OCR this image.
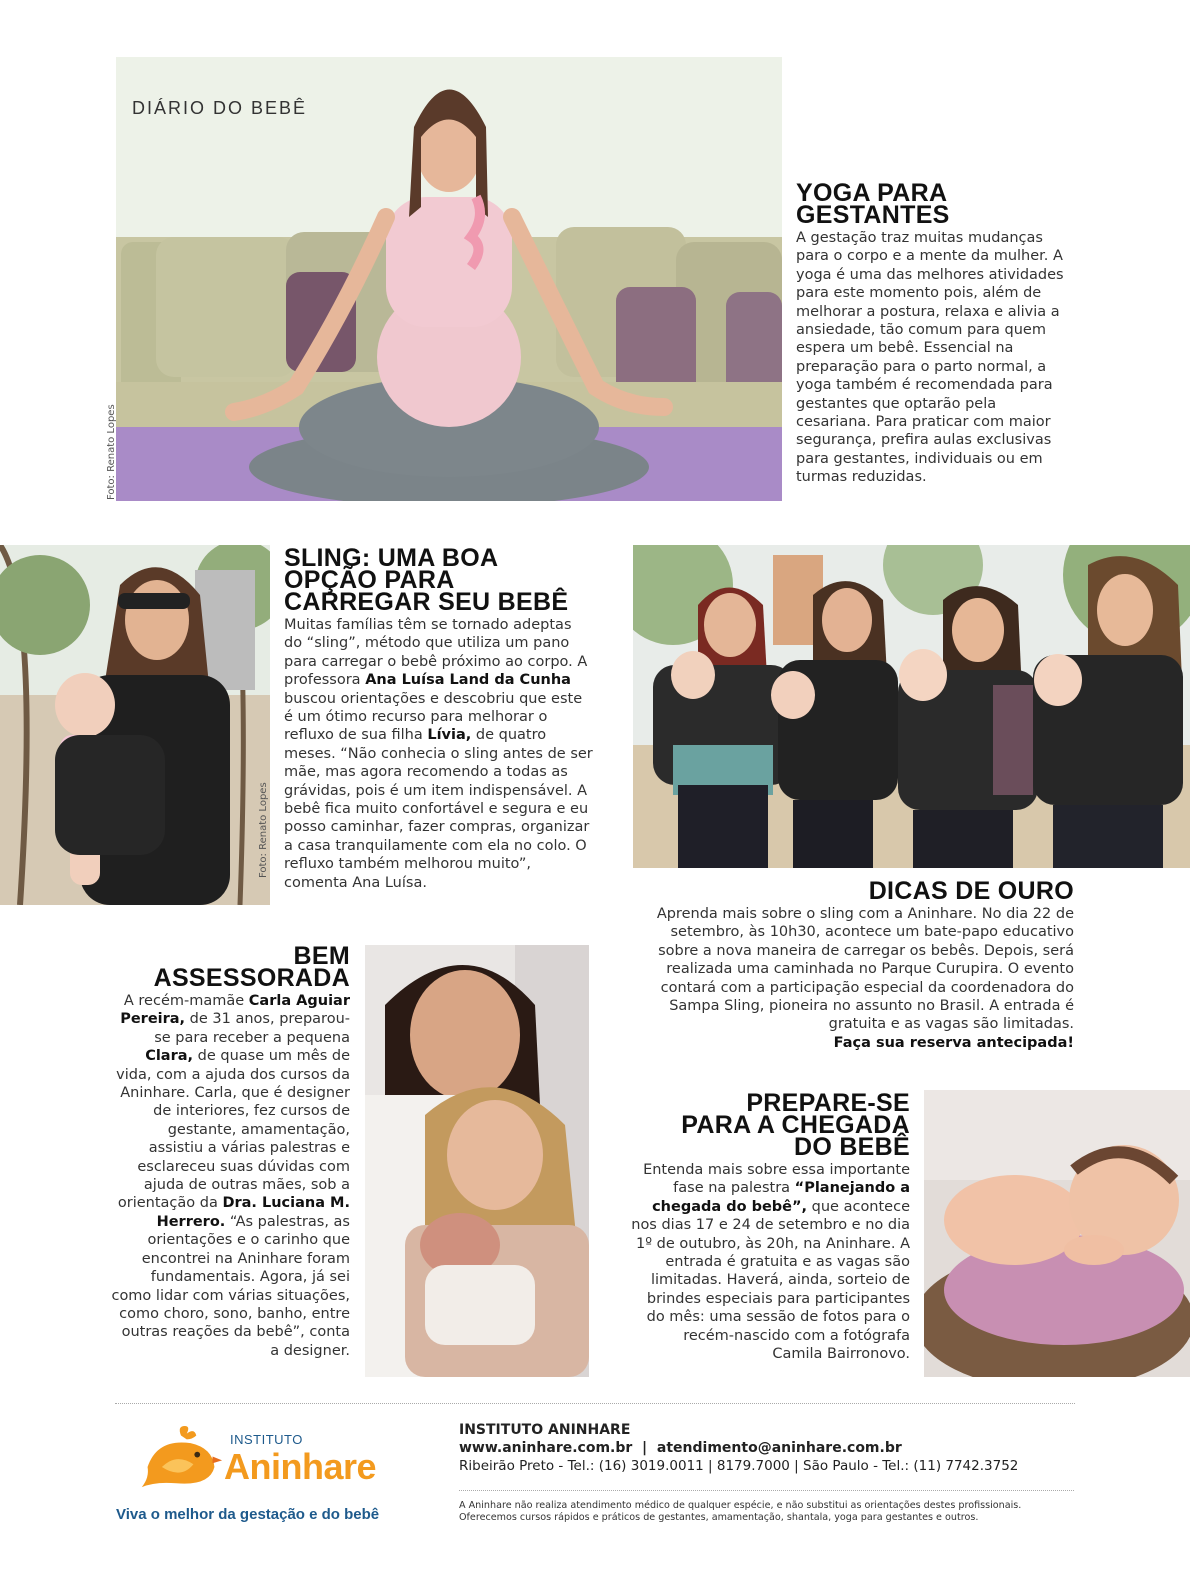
DIÁRIO DO BEBÊ
Foto: Renato Lopes
YOGA PARA
GESTANTES
A gestação traz muitas mudanças para o corpo e a mente da mulher. A yoga é uma das melhores atividades para este momento pois, além de melhorar a postura, relaxa e alivia a ansiedade, tão comum para quem espera um bebê. Essencial na preparação para o parto normal, a yoga também é recomendada para gestantes que optarão pela cesariana. Para praticar com maior segurança, prefira aulas exclusivas para gestantes, individuais ou em turmas reduzidas.
Foto: Renato Lopes
SLING: UMA BOA
OPÇÃO PARA
CARREGAR SEU BEBÊ
Muitas famílias têm se tornado adeptas do “sling”, método que utiliza um pano para carregar o bebê próximo ao corpo. A professora Ana Luísa Land da Cunha buscou orientações e descobriu que este é um ótimo recurso para melhorar o refluxo de sua filha Lívia, de quatro meses. “Não conhecia o sling antes de ser mãe, mas agora recomendo a todas as grávidas, pois é um item indispensável. A bebê fica muito confortável e segura e eu posso caminhar, fazer compras, organizar a casa tranquilamente com ela no colo. O refluxo também melhorou muito”, comenta Ana Luísa.	DICAS DE OURO
Aprenda mais sobre o sling com a Aninhare. No dia 22 de setembro, às 10h30, acontece um bate-papo educativo sobre a nova maneira de carregar os bebês. Depois, será realizada uma caminhada no Parque Curupira. O evento contará com a participação especial da coordenadora do Sampa Sling, pioneira no assunto no Brasil. A entrada é gratuita e as vagas são limitadas.
Faça sua reserva antecipada!
BEM
ASSESSORADA
A recém-mamãe Carla Aguiar Pereira, de 31 anos, preparou-se para receber a pequena Clara, de quase um mês de vida, com a ajuda dos cursos da Aninhare. Carla, que é designer de interiores, fez cursos de gestante, amamentação, assistiu a várias palestras e esclareceu suas dúvidas com ajuda de outras mães, sob a orientação da Dra. Luciana M. Herrero. “As palestras, as orientações e o carinho que encontrei na Aninhare foram fundamentais. Agora, já sei como lidar com várias situações, como choro, sono, banho, entre outras reações da bebê”, conta a designer.
PREPARE-SE
PARA A CHEGADA
DO BEBÊ
Entenda mais sobre essa importante fase na palestra “Planejando a chegada do bebê”, que acontece nos dias 17 e 24 de setembro e no dia 1º de outubro, às 20h, na Aninhare. A entrada é gratuita e as vagas são limitadas. Haverá, ainda, sorteio de brindes especiais para participantes do mês: uma sessão de fotos para o recém-nascido com a fotógrafa Camila Bairronovo.
INSTITUTO
Aninhare
Viva o melhor da gestação e do bebê
INSTITUTO ANINHARE
www.aninhare.com.br  |  atendimento@aninhare.com.br
Ribeirão Preto - Tel.: (16) 3019.0011 | 8179.7000 | São Paulo - Tel.: (11) 7742.3752
A Aninhare não realiza atendimento médico de qualquer espécie, e não substitui as orientações destes profissionais.
Oferecemos cursos rápidos e práticos de gestantes, amamentação, shantala, yoga para gestantes e outros.
